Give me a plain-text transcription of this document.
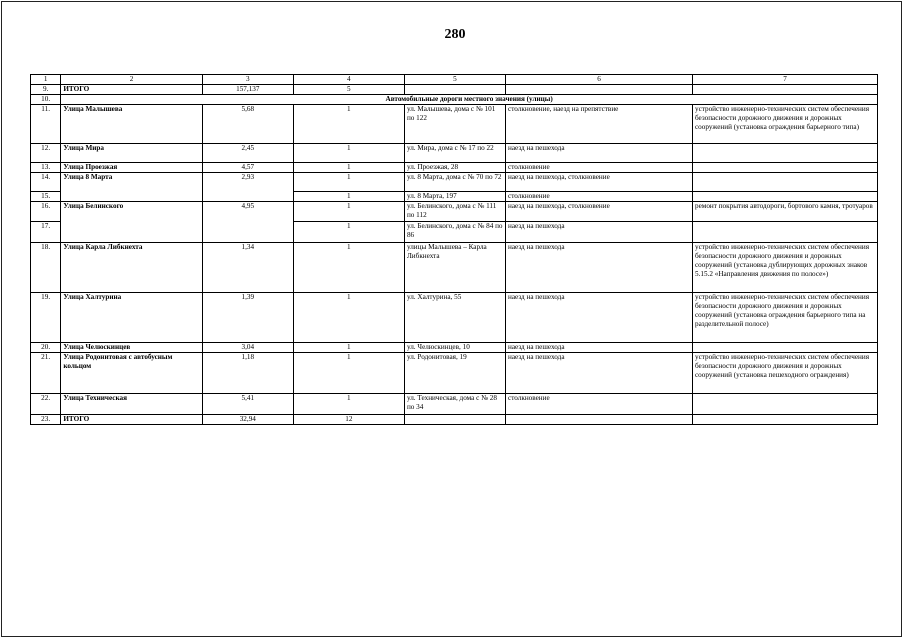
280
1	2	3	4	5	6	7
9.	ИТОГО	157,137	5			
10.	Автомобильные дороги местного значения (улицы)					
11.	Улица Малышева	5,68	1	ул. Малышева, дома с № 101 по 122	столкновение, наезд на препятствие	устройство инженерно-технических систем обеспечения безопасности дорожного движения и дорожных сооружений (установка ограждения барьерного типа)
12.	Улица Мира	2,45	1	ул. Мира, дома с № 17 по 22	наезд на пешехода	
13.	Улица Проезжая	4,57	1	ул. Проезжая, 28	столкновение	
14.	Улица 8 Марта	2,93	1	ул. 8 Марта, дома с № 70 по 72	наезд на пешехода, столкновение	
15.			1	ул. 8 Марта, 197	столкновение	
16.	Улица Белинского	4,95	1	ул. Белинского, дома с № 111 по 112	наезд на пешехода, столкновение	ремонт покрытия автодороги, бортового камня, тротуаров
17.			1	ул. Белинского, дома с № 84 по 86	наезд на пешехода	
18.	Улица Карла Либкнехта	1,34	1	улицы Малышева – Карла Либкнехта	наезд на пешехода	устройство инженерно-технических систем обеспечения безопасности дорожного движения и дорожных сооружений (установка дублирующих дорожных знаков 5.15.2 «Направления движения по полосе»)
19.	Улица Халтурина	1,39	1	ул. Халтурина, 55	наезд на пешехода	устройство инженерно-технических систем обеспечения безопасности дорожного движения и дорожных сооружений (установка ограждения барьерного типа на разделительной полосе)
20.	Улица Челюскинцев	3,04	1	ул. Челюскинцев, 10	наезд на пешехода	
21.	Улица Родонитовая с автобусным кольцом	1,18	1	ул. Родонитовая, 19	наезд на пешехода	устройство инженерно-технических систем обеспечения безопасности дорожного движения и дорожных сооружений (установка пешеходного ограждения)
22.	Улица Техническая	5,41	1	ул. Техническая, дома с № 28 по 34	столкновение	
23.	ИТОГО	32,94	12			
